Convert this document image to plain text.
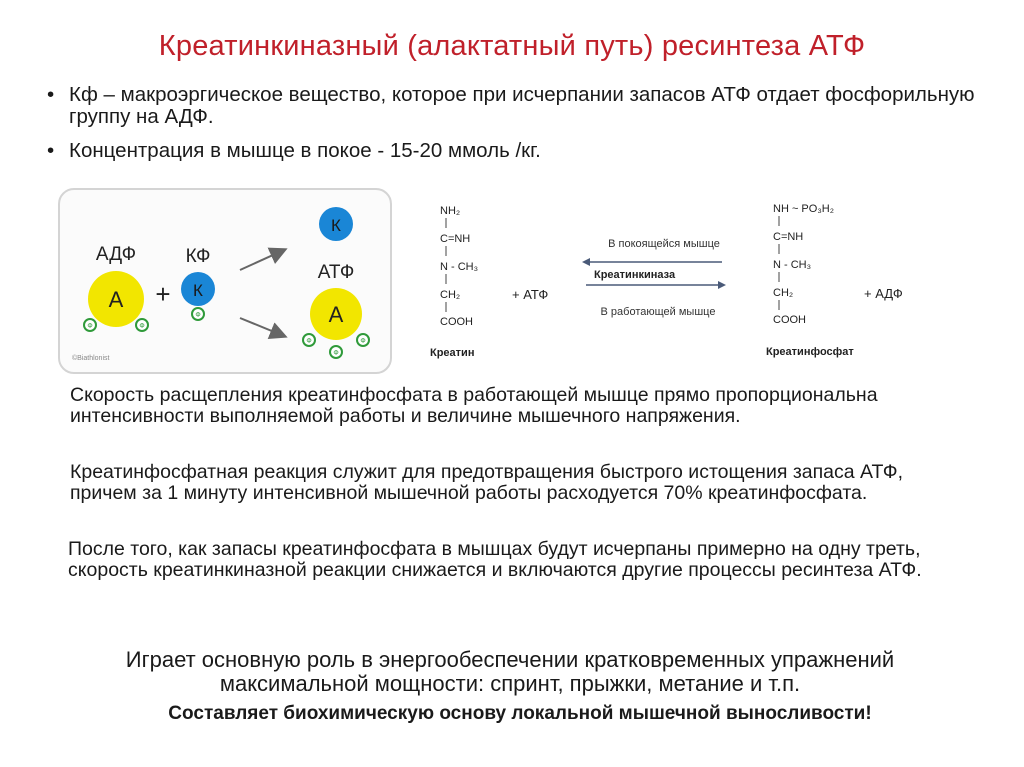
Креатинкиназный (алактатный путь) ресинтеза АТФ
• Кф – макроэргическое вещество, которое при исчерпании запасов АТФ отдает фосфорильную группу на АДФ.
• Концентрация в мышце в покое - 15-20 ммоль /кг.
АДФ
А
Ф	Ф
+
КФ
К
Ф
К
АТФ
А
Ф
Ф
Ф
©Biathlonist
NH₂
C=NH
N - CH₃
CH₂
COOH
Креатин
+ АТФ
В покоящейся мышце
Креатинкиназа
В работающей мышце
NH ~ PO₃H₂
C=NH
N - CH₃
CH₂
COOH
Креатинфосфат
+ АДФ

Скорость расщепления креатинфосфата в работающей мышце прямо пропорциональна интенсивности выполняемой работы и величине мышечного напряжения.

Креатинфосфатная реакция служит для предотвращения быстрого истощения запаса АТФ, причем за 1 минуту интенсивной мышечной работы расходуется 70% креатинфосфата.

После того, как запасы креатинфосфата в мышцах будут исчерпаны примерно на одну треть, скорость креатинкиназной реакции снижается и включаются другие процессы ресинтеза АТФ.

Играет основную роль в энергообеспечении кратковременных упражнений максимальной мощности: спринт, прыжки, метание и т.п.
Составляет биохимическую основу локальной мышечной выносливости!
